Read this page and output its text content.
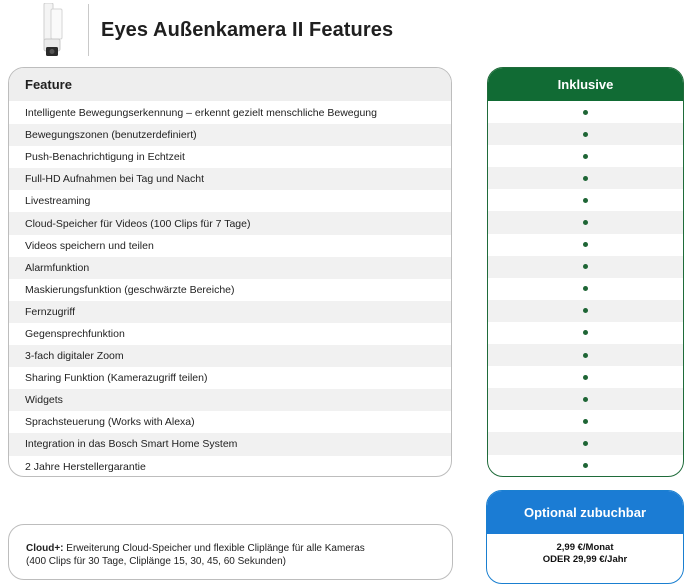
Eyes Außenkamera II Features
Feature
Intelligente Bewegungserkennung – erkennt gezielt menschliche Bewegung
Bewegungszonen (benutzerdefiniert)
Push-Benachrichtigung in Echtzeit
Full-HD Aufnahmen bei Tag und Nacht
Livestreaming
Cloud-Speicher für Videos (100 Clips für 7 Tage)
Videos speichern und teilen
Alarmfunktion
Maskierungsfunktion (geschwärzte Bereiche)
Fernzugriff
Gegensprechfunktion
3-fach digitaler Zoom
Sharing Funktion (Kamerazugriff teilen)
Widgets
Sprachsteuerung (Works with Alexa)
Integration in das Bosch Smart Home System
2 Jahre Herstellergarantie
Inklusive
Cloud+: Erweiterung Cloud-Speicher und flexible Cliplänge für alle Kameras
(400 Clips für 30 Tage, Cliplänge 15, 30, 45, 60 Sekunden)
Optional zubuchbar
2,99 €/Monat
ODER 29,99 €/Jahr
